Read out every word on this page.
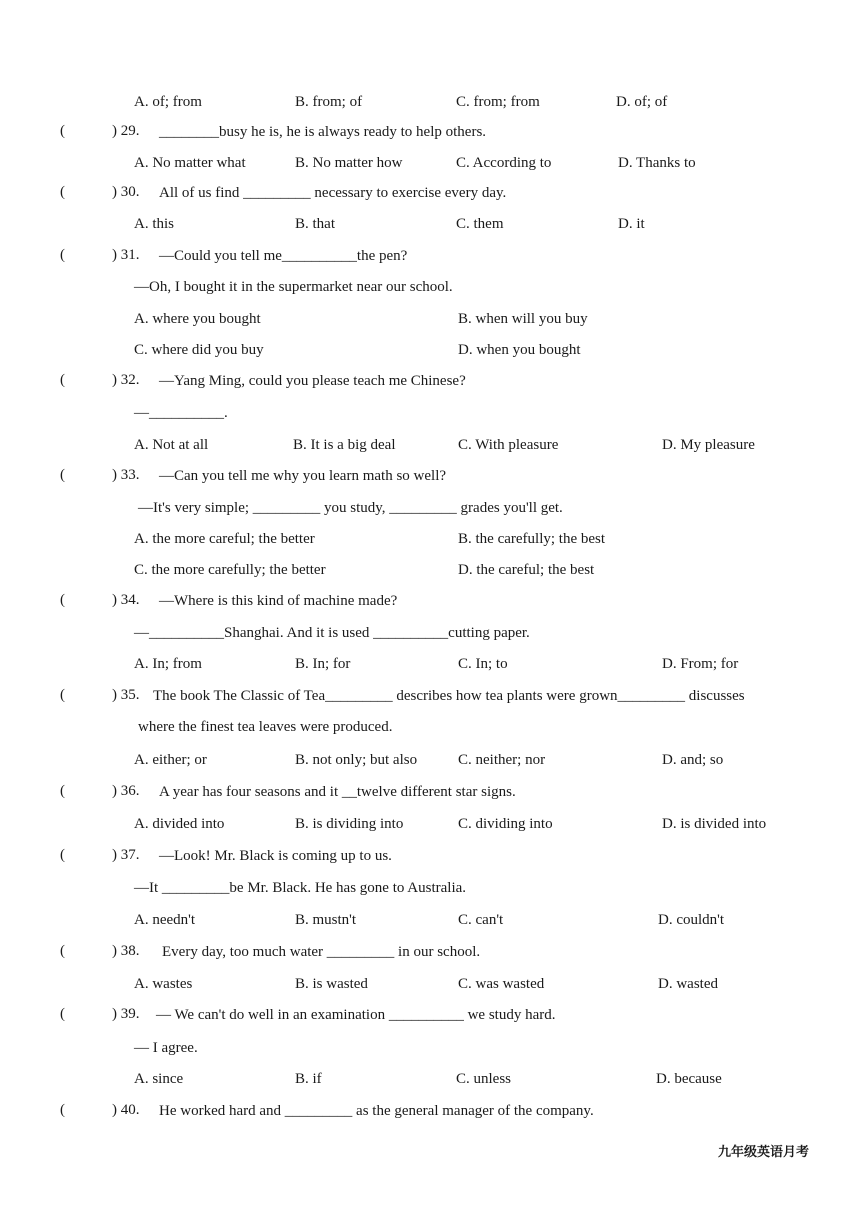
A. of; from	B. from; of	C. from; from	D. of; of
(	) 29. ________busy he is, he is always ready to help others.
A. No matter what	B. No matter how	C. According to	D. Thanks to
(	) 30. All of us find _________ necessary to exercise every day.
A. this	B. that	C. them	D. it
(	) 31. —Could you tell me__________the pen?
—Oh, I bought it in the supermarket near our school.
A. where you bought	B. when will you buy
C. where did you buy	D. when you bought
(	) 32. —Yang Ming, could you please teach me Chinese?
—__________.
A. Not at all	B. It is a big deal	C. With pleasure	D. My pleasure
(	) 33. —Can you tell me why you learn math so well?
—It's very simple; _________ you study, _________ grades you'll get.
A. the more careful; the better	B. the carefully; the best
C. the more carefully; the better	D. the careful; the best
(	) 34. —Where is this kind of machine made?
—__________Shanghai. And it is used __________cutting paper.
A. In; from	B. In; for	C. In; to	D. From; for
(	) 35. The book The Classic of Tea_________ describes how tea plants were grown_________ discusses
where the finest tea leaves were produced.
A. either; or	B. not only; but also	C. neither; nor	D. and; so
(	) 36. A year has four seasons and it __twelve different star signs.
A. divided into	B. is dividing into	C. dividing into	D. is divided into
(	) 37. —Look! Mr. Black is coming up to us.
—It _________be Mr. Black. He has gone to Australia.
A. needn't	B. mustn't	C. can't	D. couldn't
(	) 38. Every day, too much water _________ in our school.
A. wastes	B. is wasted	C. was wasted	D. wasted
(	) 39. — We can't do well in an examination __________ we study hard.
— I agree.
A. since	B. if	C. unless	D. because
(	) 40. He worked hard and _________ as the general manager of the company.
九年级英语月考
